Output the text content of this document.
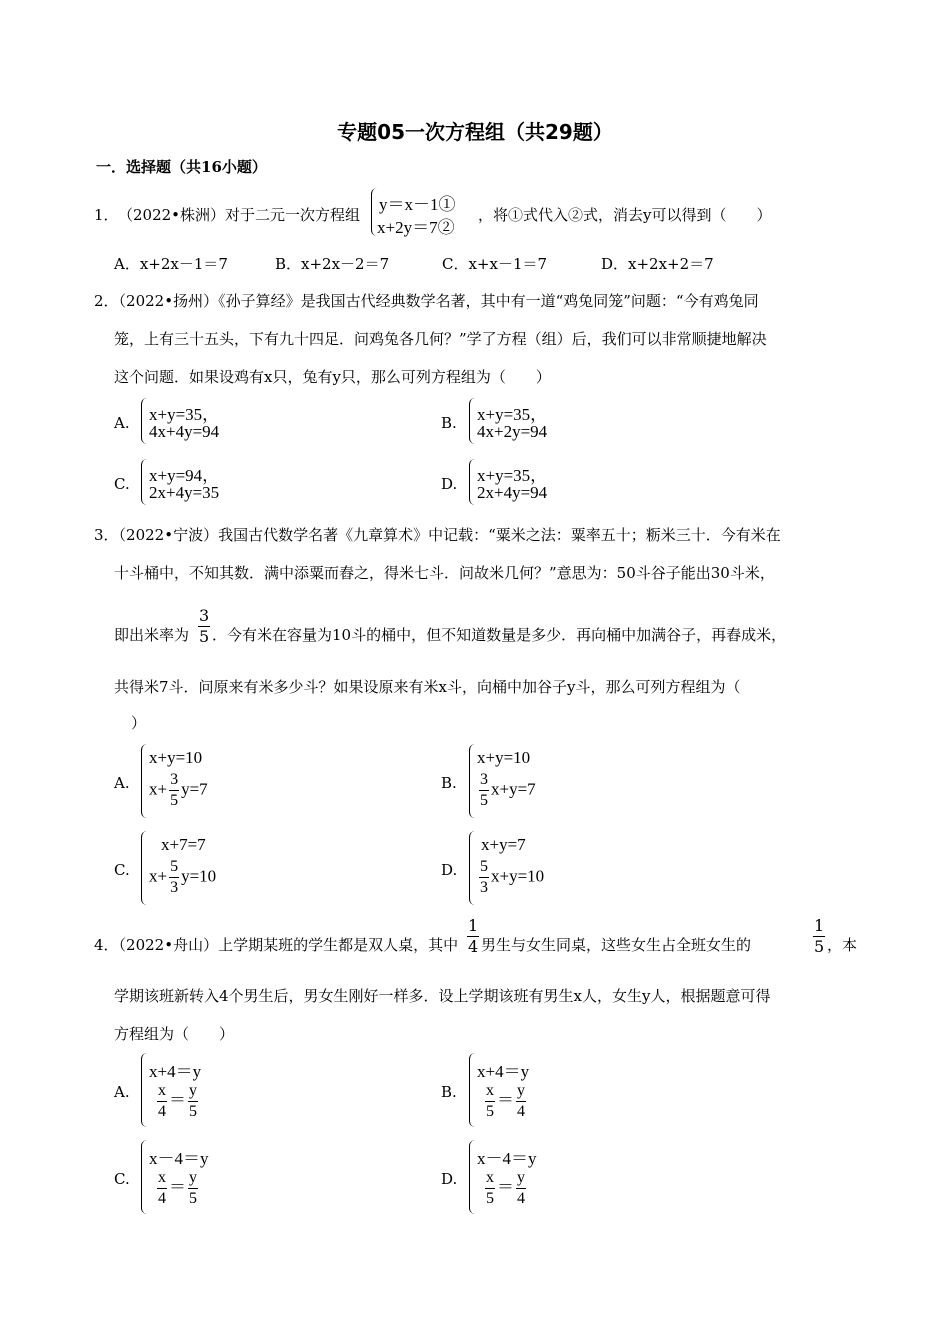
专题05一次方程组（共29题）
一．选择题（共16小题）
1． （2022•株洲）对于二元一次方程组
y＝x－1①
x+2y＝7②
，将①式代入②式，消去y可以得到（　　）
A．x+2x－1＝7	B．x+2x－2＝7	C．x+x－1＝7	D．x+2x+2＝7
2．（2022•扬州）《孙子算经》是我国古代经典数学名著，其中有一道“鸡兔同笼”问题：“今有鸡兔同
笼，上有三十五头，下有九十四足．问鸡兔各几何？”学了方程（组）后，我们可以非常顺捷地解决
这个问题．如果设鸡有x只，兔有y只，那么可列方程组为（　　）
A. x+y=35，
4x+4y=94	B. x+y=35，
4x+2y=94
C. x+y=94，
2x+4y=35	D. x+y=35，
2x+4y=94
3．（2022•宁波）我国古代数学名著《九章算术》中记载：“粟米之法：粟率五十；粝米三十．今有米在
十斗桶中，不知其数．满中添粟而舂之，得米七斗．问故米几何？”意思为：50斗谷子能出30斗米，
即出米率为 $\frac{3}{5}$ ．今有米在容量为10斗的桶中，但不知道数量是多少．再向桶中加满谷子，再舂成米，
共得米7斗．问原来有米多少斗？如果设原来有米x斗，向桶中加谷子y斗，那么可列方程组为（
）
A.
x+y=10
$x+ \frac{3}{5} y=7$	B.
x+y=10
$\frac{3}{5} x+y=7$
C.
x+7=7
$x+ \frac{5}{3} y=10$	D.
x+y=7
$\frac{5}{3} x+y=10$
4．（2022•舟山）上学期某班的学生都是双人桌，其中 $\frac{1}{4}$ 男生与女生同桌，这些女生占全班女生的	$\frac{1}{5}$ ，本
学期该班新转入4个男生后，男女生刚好一样多．设上学期该班有男生x人，女生y人，根据题意可得
方程组为（　　）
A.
x+4＝y
$\frac{x}{4} = \frac{y}{5}$	B.
x+4＝y
$\frac{x}{5} = \frac{y}{4}$
C.
x－4＝y
$\frac{x}{4} = \frac{y}{5}$	D.
x－4＝y
$\frac{x}{5} = \frac{y}{4}$
